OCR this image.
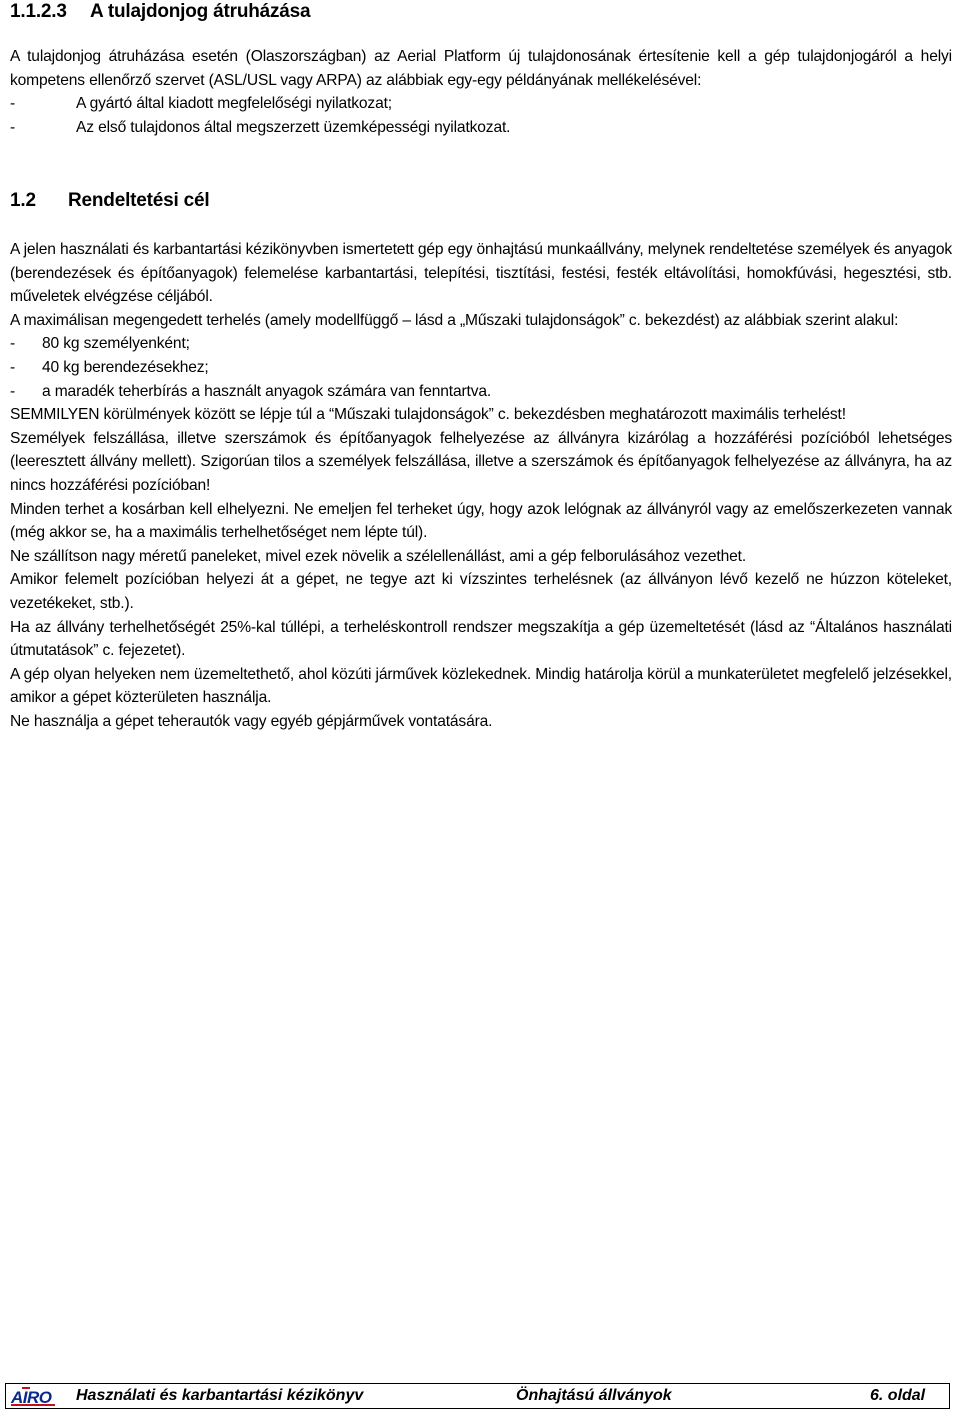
1.1.2.3 A tulajdonjog átruházása

A tulajdonjog átruházása esetén (Olaszországban) az Aerial Platform új tulajdonosának értesítenie kell a gép tulajdonjogáról a helyi kompetens ellenőrző szervet (ASL/USL vagy ARPA) az alábbiak egy-egy példányának mellékelésével:

-	A gyártó által kiadott megfelelőségi nyilatkozat;
-	Az első tulajdonos által megszerzett üzemképességi nyilatkozat.
1.2 Rendeltetési cél

A jelen használati és karbantartási kézikönyvben ismertetett gép egy önhajtású munkaállvány, melynek rendeltetése személyek és anyagok (berendezések és építőanyagok) felemelése karbantartási, telepítési, tisztítási, festési, festék eltávolítási, homokfúvási, hegesztési, stb. műveletek elvégzése céljából.

A maximálisan megengedett terhelés (amely modellfüggő – lásd a „Műszaki tulajdonságok” c. bekezdést) az alábbiak szerint alakul:

- 80 kg személyenként;
- 40 kg berendezésekhez;
- a maradék teherbírás a használt anyagok számára van fenntartva.

SEMMILYEN körülmények között se lépje túl a “Műszaki tulajdonságok” c. bekezdésben meghatározott maximális terhelést!

Személyek felszállása, illetve szerszámok és építőanyagok felhelyezése az állványra kizárólag a hozzáférési pozícióból lehetséges (leeresztett állvány mellett). Szigorúan tilos a személyek felszállása, illetve a szerszámok és építőanyagok felhelyezése az állványra, ha az nincs hozzáférési pozícióban!

Minden terhet a kosárban kell elhelyezni. Ne emeljen fel terheket úgy, hogy azok lelógnak az állványról vagy az emelőszerkezeten vannak (még akkor se, ha a maximális terhelhetőséget nem lépte túl).

Ne szállítson nagy méretű paneleket, mivel ezek növelik a szélellenállást, ami a gép felborulásához vezethet.

Amikor felemelt pozícióban helyezi át a gépet, ne tegye azt ki vízszintes terhelésnek (az állványon lévő kezelő ne húzzon köteleket, vezetékeket, stb.).

Ha az állvány terhelhetőségét 25%-kal túllépi, a terheléskontroll rendszer megszakítja a gép üzemeltetését (lásd az “Általános használati útmutatások” c. fejezetet).

A gép olyan helyeken nem üzemeltethető, ahol közúti járművek közlekednek. Mindig határolja körül a munkaterületet megfelelő jelzésekkel, amikor a gépet közterületen használja.

Ne használja a gépet teherautók vagy egyéb gépjárművek vontatására.

AIRO Használati és karbantartási kézikönyv	Önhajtású állványok	6. oldal
